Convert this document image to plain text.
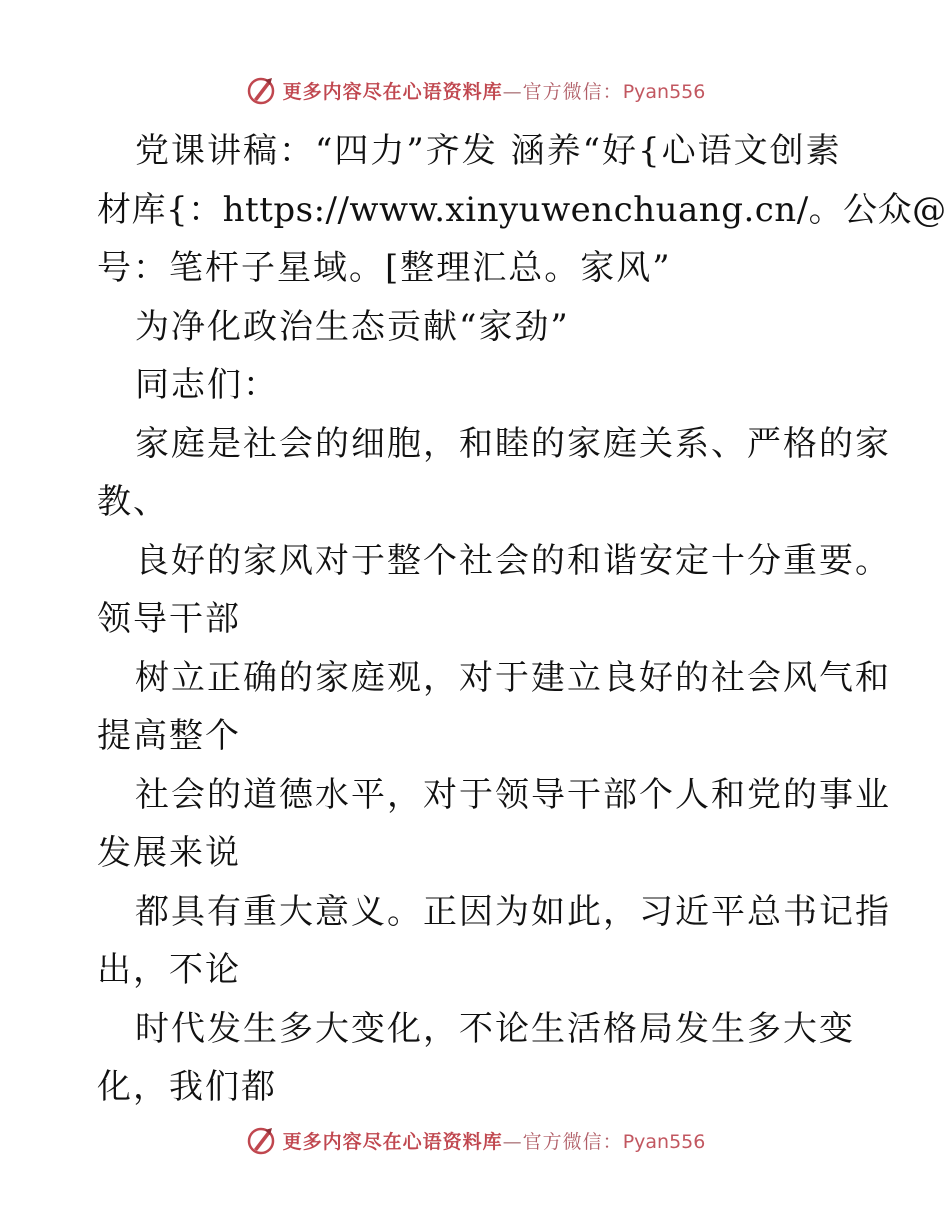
更多内容尽在心语资料库—官方微信：Pyan556
党课讲稿：“四力”齐发 涵养“好{心语文创素
材库{：https://www.xinyuwenchuang.cn/。公众@
号：笔杆子星域。[整理汇总。家风”
为净化政治生态贡献“家劲”
同志们：
家庭是社会的细胞，和睦的家庭关系、严格的家
教、
良好的家风对于整个社会的和谐安定十分重要。
领导干部
树立正确的家庭观，对于建立良好的社会风气和
提高整个
社会的道德水平，对于领导干部个人和党的事业
发展来说
都具有重大意义。正因为如此，习近平总书记指
出，不论
时代发生多大变化，不论生活格局发生多大变
化，我们都
更多内容尽在心语资料库—官方微信：Pyan556
